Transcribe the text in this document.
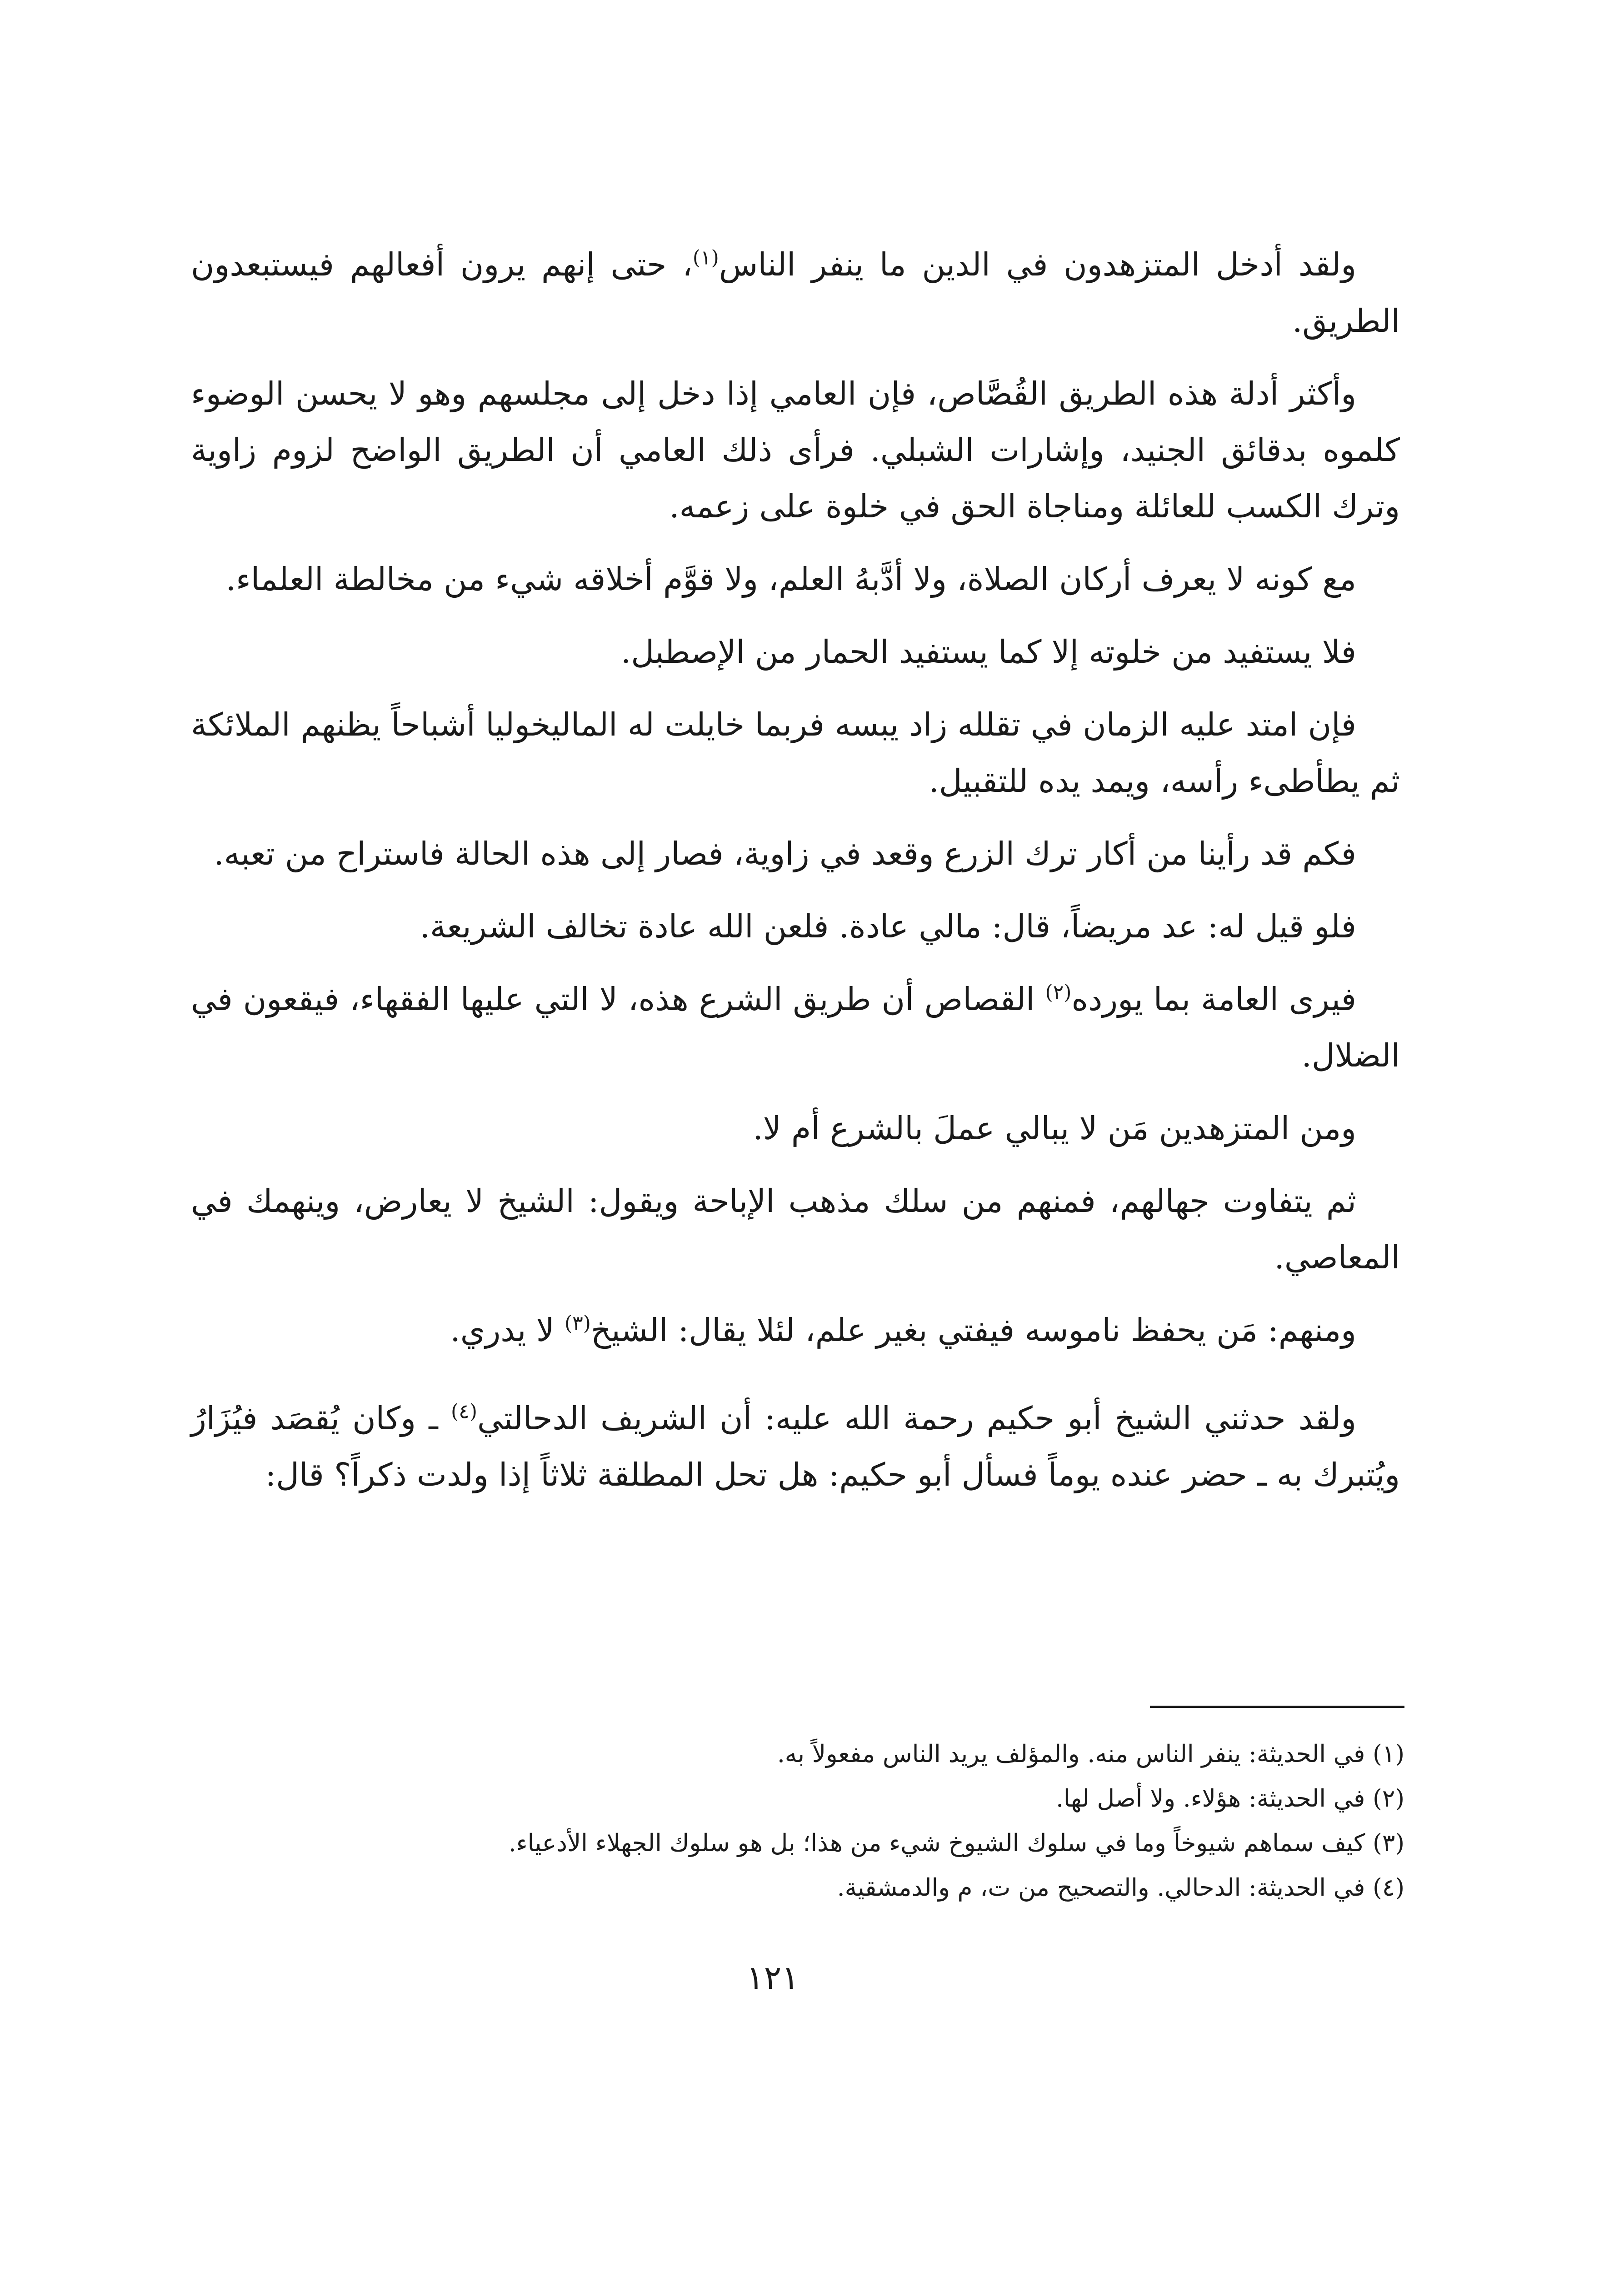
ولقد أدخل المتزهدون في الدين ما ينفر الناس$^{(١)}$، حتى إنهم يرون أفعالهم فيستبعدون الطريق.

وأكثر أدلة هذه الطريق القُصَّاص، فإن العامي إذا دخل إلى مجلسهم وهو لا يحسن الوضوء كلموه بدقائق الجنيد، وإشارات الشبلي. فرأى ذلك العامي أن الطريق الواضح لزوم زاوية وترك الكسب للعائلة ومناجاة الحق في خلوة على زعمه.

مع كونه لا يعرف أركان الصلاة، ولا أدَّبهُ العلم، ولا قوَّم أخلاقه شيء من مخالطة العلماء.

فلا يستفيد من خلوته إلا كما يستفيد الحمار من الإصطبل.

فإن امتد عليه الزمان في تقلله زاد يبسه فربما خايلت له الماليخوليا أشباحاً يظنهم الملائكة ثم يطأطىء رأسه، ويمد يده للتقبيل.

فكم قد رأينا من أكار ترك الزرع وقعد في زاوية، فصار إلى هذه الحالة فاستراح من تعبه.

فلو قيل له: عد مريضاً، قال: مالي عادة. فلعن الله عادة تخالف الشريعة.

فيرى العامة بما يورده$^{(٢)}$ القصاص أن طريق الشرع هذه، لا التي عليها الفقهاء، فيقعون في الضلال.

ومن المتزهدين مَن لا يبالي عملَ بالشرع أم لا.

ثم يتفاوت جهالهم، فمنهم من سلك مذهب الإباحة ويقول: الشيخ لا يعارض، وينهمك في المعاصي.

ومنهم: مَن يحفظ ناموسه فيفتي بغير علم، لئلا يقال: الشيخ$^{(٣)}$ لا يدري.

ولقد حدثني الشيخ أبو حكيم رحمة الله عليه: أن الشريف الدحالتي$^{(٤)}$ ـ وكان يُقصَد فيُزَارُ ويُتبرك به ـ حضر عنده يوماً فسأل أبو حكيم: هل تحل المطلقة ثلاثاً إذا ولدت ذكراً؟ قال:

(١) في الحديثة: ينفر الناس منه. والمؤلف يريد الناس مفعولاً به.

(٢) في الحديثة: هؤلاء. ولا أصل لها.

(٣) كيف سماهم شيوخاً وما في سلوك الشيوخ شيء من هذا؛ بل هو سلوك الجهلاء الأدعياء.

(٤) في الحديثة: الدحالي. والتصحيح من ت، م والدمشقية.

١٢١
